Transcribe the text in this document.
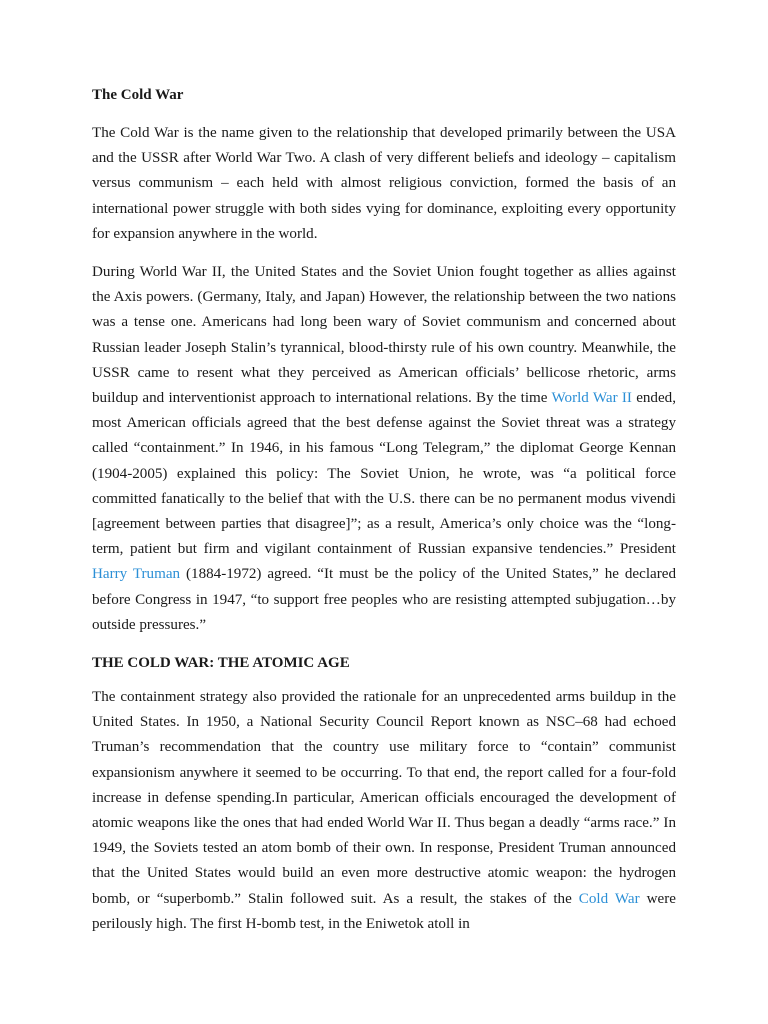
The Cold War

The Cold War is the name given to the relationship that developed primarily between the USA and the USSR after World War Two. A clash of very different beliefs and ideology – capitalism versus communism – each held with almost religious conviction, formed the basis of an international power struggle with both sides vying for dominance, exploiting every opportunity for expansion anywhere in the world.

During World War II, the United States and the Soviet Union fought together as allies against the Axis powers. (Germany, Italy, and Japan) However, the relationship between the two nations was a tense one. Americans had long been wary of Soviet communism and concerned about Russian leader Joseph Stalin’s tyrannical, blood-thirsty rule of his own country. Meanwhile, the USSR came to resent what they perceived as American officials’ bellicose rhetoric, arms buildup and interventionist approach to international relations. By the time World War II ended, most American officials agreed that the best defense against the Soviet threat was a strategy called “containment.” In 1946, in his famous “Long Telegram,” the diplomat George Kennan (1904-2005) explained this policy: The Soviet Union, he wrote, was “a political force committed fanatically to the belief that with the U.S. there can be no permanent modus vivendi [agreement between parties that disagree]”; as a result, America’s only choice was the “long-term, patient but firm and vigilant containment of Russian expansive tendencies.” President Harry Truman (1884-1972) agreed. “It must be the policy of the United States,” he declared before Congress in 1947, “to support free peoples who are resisting attempted subjugation…by outside pressures.”

THE COLD WAR: THE ATOMIC AGE

The containment strategy also provided the rationale for an unprecedented arms buildup in the United States. In 1950, a National Security Council Report known as NSC–68 had echoed Truman’s recommendation that the country use military force to “contain” communist expansionism anywhere it seemed to be occurring. To that end, the report called for a four-fold increase in defense spending.In particular, American officials encouraged the development of atomic weapons like the ones that had ended World War II. Thus began a deadly “arms race.” In 1949, the Soviets tested an atom bomb of their own. In response, President Truman announced that the United States would build an even more destructive atomic weapon: the hydrogen bomb, or “superbomb.” Stalin followed suit. As a result, the stakes of the Cold War were perilously high. The first H-bomb test, in the Eniwetok atoll in
